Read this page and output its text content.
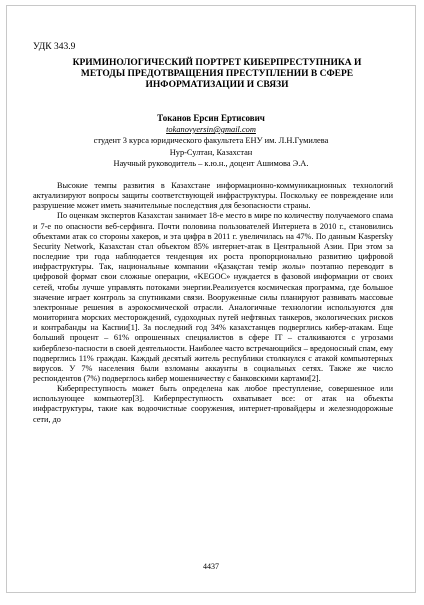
УДК 343.9
КРИМИНОЛОГИЧЕСКИЙ ПОРТРЕТ КИБЕРПРЕСТУПНИКА И МЕТОДЫ ПРЕДОТВРАЩЕНИЯ ПРЕСТУПЛЕНИИ В СФЕРЕ ИНФОРМАТИЗАЦИИ И СВЯЗИ
Токанов Ерсин Ертисович
tokanovyersin@gmail.com
студент 3 курса юридического факультета ЕНУ им. Л.Н.Гумилева
Нур-Султан, Казахстан
Научный руководитель – к.ю.н., доцент Ашимова Э.А.

Высокие темпы развития в Казахстане информационно-коммуникационных технологий актуализируют вопросы защиты соответствующей инфраструктуры. Поскольку ее повреждение или разрушение может иметь значительные последствия для безопасности страны.

По оценкам экспертов Казахстан занимает 18-е место в мире по количеству получаемого спама и 7-е по опасности веб-серфинга. Почти половина пользователей Интернета в 2010 г., становились объектами атак со стороны хакеров, и эта цифра в 2011 г. увеличилась на 47%. По данным Kaspersky Security Network, Казахстан стал объектом 85% интернет-атак в Центральной Азии. При этом за последние три года наблюдается тенденция их роста пропорционально развитию цифровой инфраструктуры. Так, национальные компании «Қазақстан темір жолы» поэтапно переводит в цифровой формат свои сложные операции, «KEGOC» нуждается в фазовой информации от своих сетей, чтобы лучше управлять потоками энергии.Реализуется космическая программа, где большое значение играет контроль за спутниками связи. Вооруженные силы планируют развивать массовые электронные решения в аэрокосмической отрасли. Аналогичные технологии используются для мониторинга морских месторождений, судоходных путей нефтяных танкеров, экологических рисков и контрабанды на Каспии[1]. За последний год 34% казахстанцев подверглись кибер-атакам. Еще больший процент – 61% опрошенных специалистов в сфере IT – сталкиваются с угрозами киберблезо-пасности в своей деятельности. Наиболее часто встречающийся – вредоносный спам, ему подверглись 11% граждан. Каждый десятый житель республики столкнулся с атакой компьютерных вирусов. У 7% населения были взломаны аккаунты в социальных сетях. Также же число респондентов (7%) подверглось кибер мошенничеству с банковскими картами[2].

Киберпреступность может быть определена как любое преступление, совершенное или использующее компьютер[3]. Киберпреступность охватывает все: от атак на объекты инфраструктуры, такие как водоочистные сооружения, интернет-провайдеры и железнодорожные сети, до

4437
